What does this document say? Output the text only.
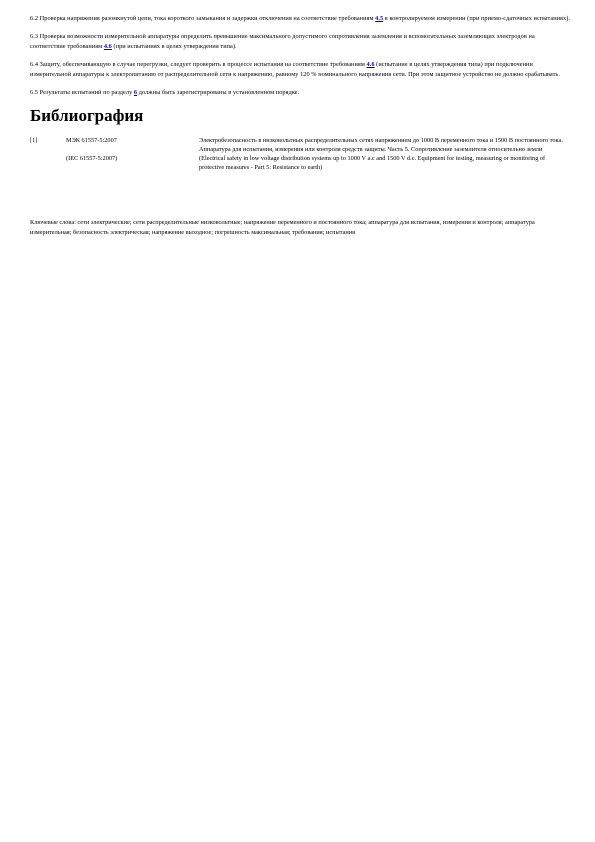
6.2 Проверка напряжения разомкнутой цепи, тока короткого замыкания и задержки отключения на соответствие требованиям 4.5 в контролируемом измерении (при приемо-сдаточных испытаниях).

6.3 Проверка возможности измерительной аппаратуры определить превышение максимального допустимого сопротивления заземления и вспомогательных заземляющих электродов на соответствие требованиям 4.6 (при испытаниях в целях утверждения типа).

6.4 Защиту, обеспечивающую в случае перегрузки, следует проверить в процессе испытания на соответствие требованиям 4.6 (испытание в целях утверждения типа) при подключении измерительной аппаратуры к электропитанию от распределительной сети к напряжению, равному 120 % номинального напряжения сети. При этом защитное устройство не должно срабатывать.

6.5 Результаты испытаний по разделу 6 должны быть зарегистрированы в установленном порядке.

Библиография
[1]	МЭК 61557-5:2007	Электробезопасность в низковольтных распределительных сетях напряжением до 1000 В переменного тока и 1500 В постоянного тока. Аппаратура для испытания, измерения или контроля средств защиты. Часть 5. Сопротивление заземлителя относительно земли
	(IEC 61557-5:2007)	(Electrical safety in low voltage distribution systems up to 1000 V a.c and 1500 V d.c. Equipment for testing, measuring or monitoring of protective measures - Part 5: Resistance to earth)

Ключевые слова: сети электрические; сети распределительные низковольтные; напряжение переменного и постоянного тока; аппаратура для испытания, измерения и контроля; аппаратура измерительная; безопасность электрическая; напряжение выходное; погрешность максимальная; требования; испытания
